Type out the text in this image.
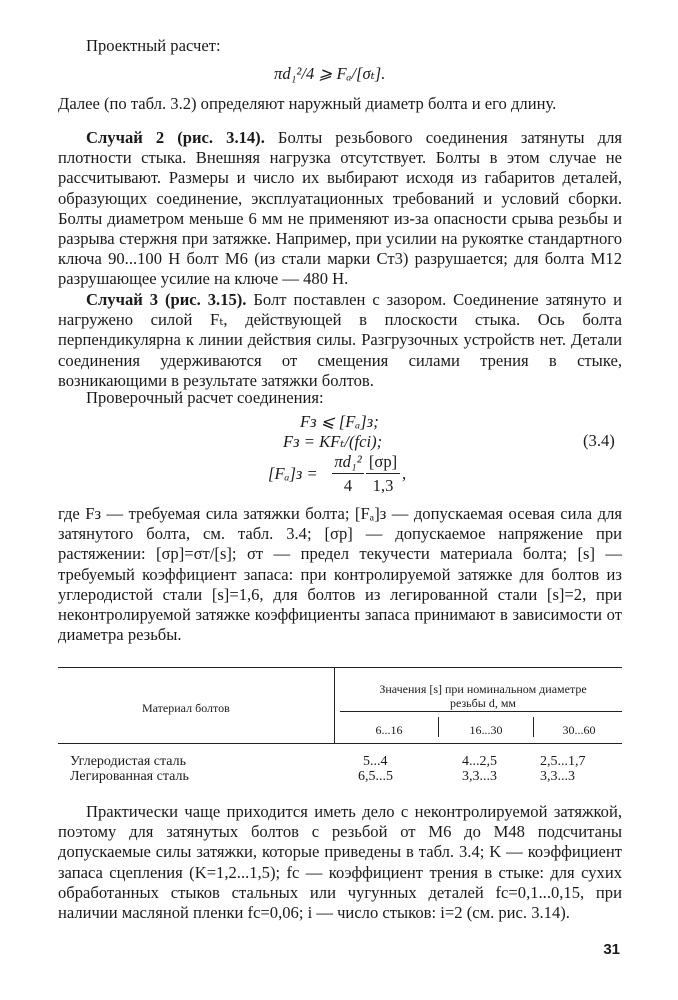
Проектный расчет:

πd₁²/4 ⩾ Fₐ/[σₜ].

Далее (по табл. 3.2) определяют наружный диаметр болта и его длину.

Случай 2 (рис. 3.14). Болты резьбового соединения затянуты для плотности стыка. Внешняя нагрузка отсутствует. Болты в этом случае не рассчитывают. Размеры и число их выбирают исходя из габаритов деталей, образующих соединение, эксплуатационных требований и условий сборки. Болты диаметром меньше 6 мм не применяют из-за опасности срыва резьбы и разрыва стержня при затяжке. Например, при усилии на рукоятке стандартного ключа 90...100 Н болт М6 (из стали марки Ст3) разрушается; для болта М12 разрушающее усилие на ключе — 480 Н.

Случай 3 (рис. 3.15). Болт поставлен с зазором. Соединение затянуто и нагружено силой Fₜ, действующей в плоскости стыка. Ось болта перпендикулярна к линии действия силы. Разгрузочных устройств нет. Детали соединения удерживаются от смещения силами трения в стыке, возникающими в результате затяжки болтов.

Проверочный расчет соединения:

Fз ⩽ [Fₐ]з;
Fз = KFₜ/(fci);	(3.4)
[Fₐ]з =
πd₁²
4
[σр]
1,3
,

где Fз — требуемая сила затяжки болта; [Fₐ]з — допускаемая осевая сила для затянутого болта, см. табл. 3.4; [σр] — допускаемое напряжение при растяжении: [σр]=σт/[s]; σт — предел текучести материала болта; [s] — требуемый коэффициент запаса: при контролируемой затяжке для болтов из углеродистой стали [s]=1,6, для болтов из легированной стали [s]=2, при неконтролируемой затяжке коэффициенты запаса принимают в зависимости от диаметра резьбы.

Материал болтов
Значения [s] при номинальном диаметре
резьбы d, мм
6...16	16...30	30...60
Углеродистая сталь	5...4	4...2,5	2,5...1,7
Легированная сталь	6,5...5	3,3...3	3,3...3

Практически чаще приходится иметь дело с неконтролируемой затяжкой, поэтому для затянутых болтов с резьбой от М6 до М48 подсчитаны допускаемые силы затяжки, которые приведены в табл. 3.4; K — коэффициент запаса сцепления (K=1,2...1,5); fc — коэффициент трения в стыке: для сухих обработанных стыков стальных или чугунных деталей fc=0,1...0,15, при наличии масляной пленки fc=0,06; i — число стыков: i=2 (см. рис. 3.14).

31
